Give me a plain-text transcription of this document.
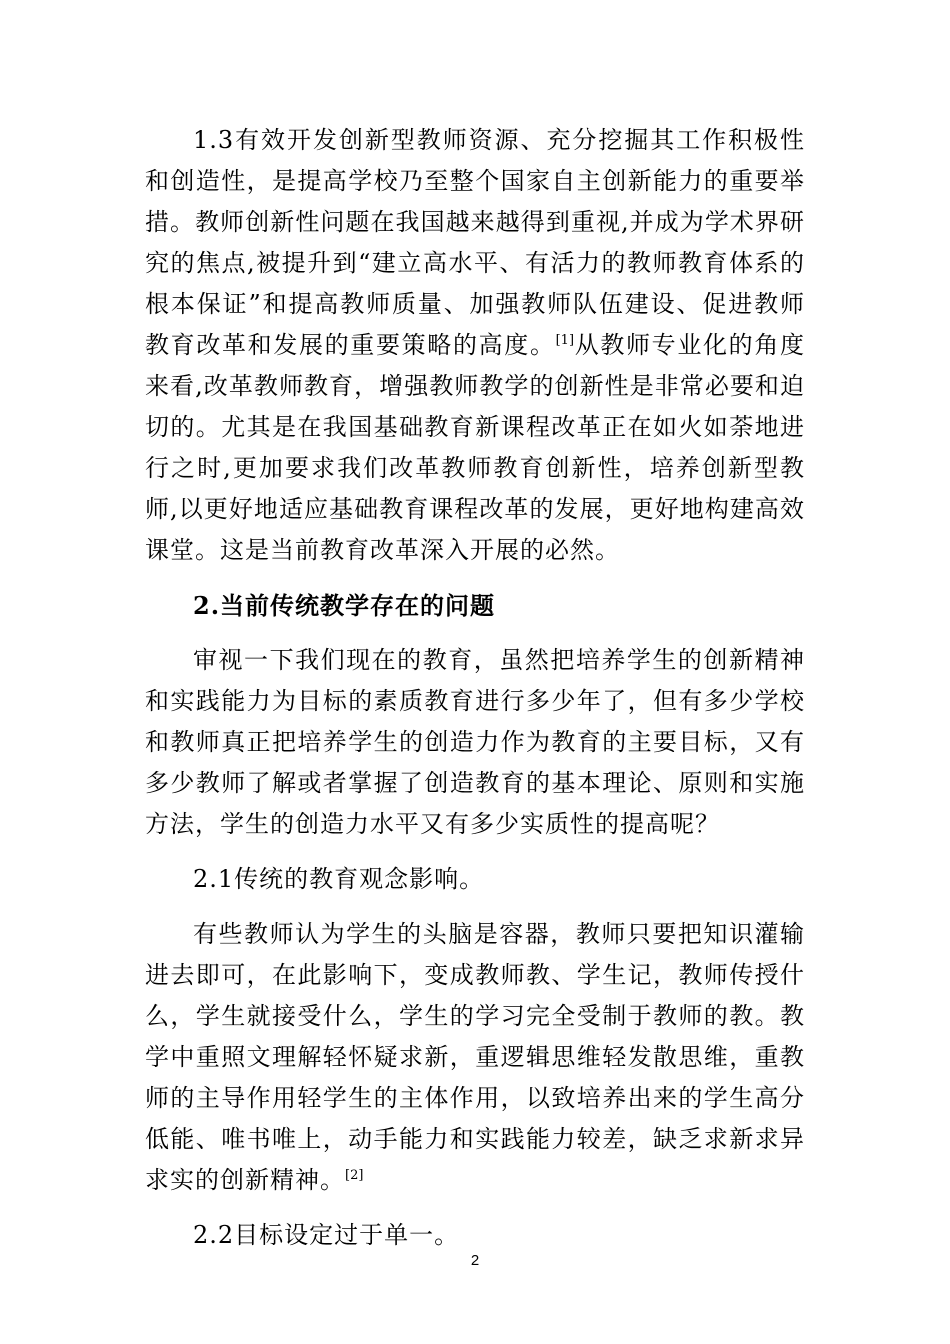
1.3有效开发创新型教师资源、充分挖掘其工作积极性和创造性，是提高学校乃至整个国家自主创新能力的重要举措。教师创新性问题在我国越来越得到重视,并成为学术界研究的焦点,被提升到“建立高水平、有活力的教师教育体系的根本保证”和提高教师质量、加强教师队伍建设、促进教师教育改革和发展的重要策略的高度。[1]从教师专业化的角度来看,改革教师教育，增强教师教学的创新性是非常必要和迫切的。尤其是在我国基础教育新课程改革正在如火如荼地进行之时,更加要求我们改革教师教育创新性，培养创新型教师,以更好地适应基础教育课程改革的发展，更好地构建高效课堂。这是当前教育改革深入开展的必然。

2.当前传统教学存在的问题

审视一下我们现在的教育，虽然把培养学生的创新精神和实践能力为目标的素质教育进行多少年了，但有多少学校和教师真正把培养学生的创造力作为教育的主要目标，又有多少教师了解或者掌握了创造教育的基本理论、原则和实施方法，学生的创造力水平又有多少实质性的提高呢？

2.1传统的教育观念影响。

有些教师认为学生的头脑是容器，教师只要把知识灌输进去即可，在此影响下，变成教师教、学生记，教师传授什么，学生就接受什么，学生的学习完全受制于教师的教。教学中重照文理解轻怀疑求新，重逻辑思维轻发散思维，重教师的主导作用轻学生的主体作用，以致培养出来的学生高分低能、唯书唯上，动手能力和实践能力较差，缺乏求新求异求实的创新精神。[2]

2.2目标设定过于单一。

2
